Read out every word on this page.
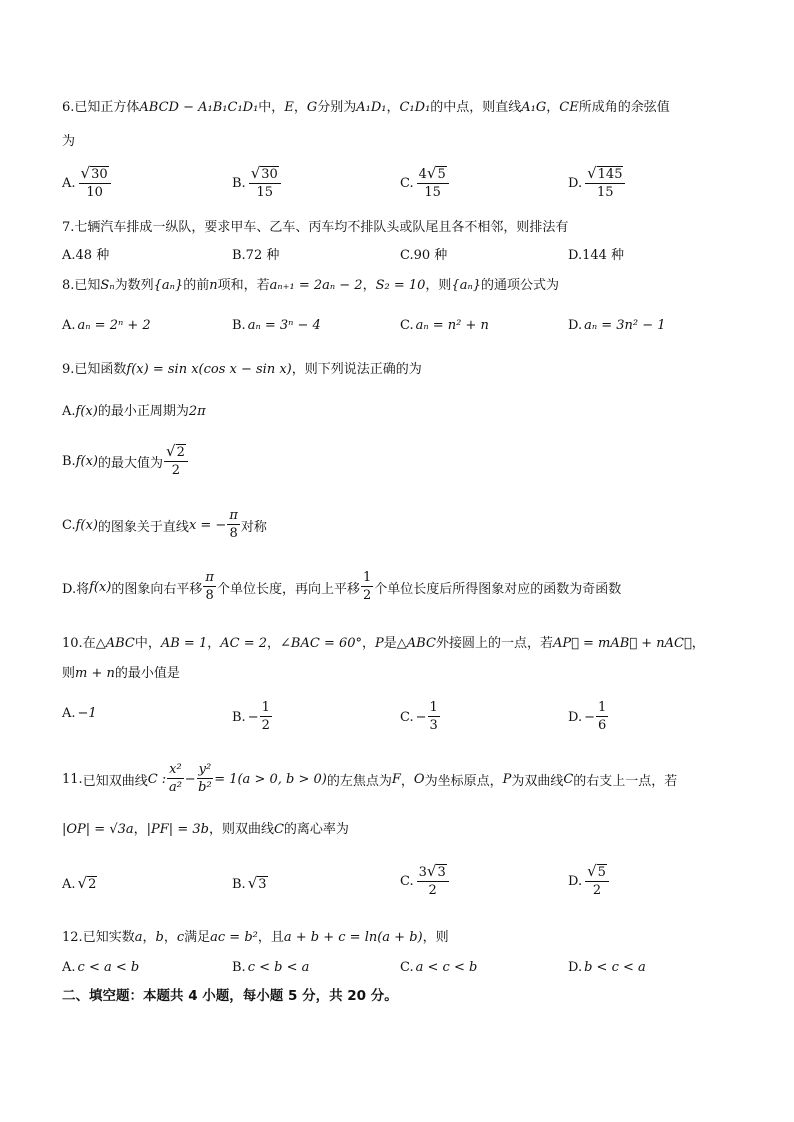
6.已知正方体ABCD − A₁B₁C₁D₁中，E，G分别为A₁D₁，C₁D₁的中点，则直线A₁G，CE所成角的余弦值
为
A. $\frac{√ 30}{10}$	B. $\frac{√ 30}{15}$	C. $\frac{4 √ 5}{15}$	D. $\frac{√ 145}{15}$
7.七辆汽车排成一纵队，要求甲车、乙车、丙车均不排队头或队尾且各不相邻，则排法有
A.48 种	B.72 种	C.90 种	D.144 种
8.已知Sₙ为数列{aₙ}的前n项和，若aₙ₊₁ = 2aₙ − 2，S₂ = 10，则{aₙ}的通项公式为
A. aₙ = 2ⁿ + 2	B. aₙ = 3ⁿ − 4	C. aₙ = n² + n	D. aₙ = 3n² − 1
9.已知函数f(x) = sin x(cos x − sin x)，则下列说法正确的为
A.f(x)的最小正周期为2π
B. f(x) 的最大值为 $\frac{√ 2}{2}$
C. f(x) 的图象关于直线 x = − $\frac{\pi}{8}$ 对称
D.将 f(x) 的图象向右平移 $\frac{\pi}{8}$ 个单位长度，再向上平移 $\frac{1}{2}$ 个单位长度后所得图象对应的函数为奇函数
10.在△ABC中，AB = 1，AC = 2，∠BAC = 60°，P是△ABC外接圆上的一点，若AP⃗ = mAB⃗ + nAC⃗，
则m + n的最小值是
A. −1	B. − $\frac{1}{2}$	C. − $\frac{1}{3}$	D. − $\frac{1}{6}$
11. 已知双曲线 C : $\frac{\text{x²}}{\text{a²}} - \frac{\text{y²}}{\text{b²}} = 1(a > 0$, b > 0) 的左焦点为 F ， O 为坐标原点， P 为双曲线 C 的右支上一点，若
|OP| = √3a，|PF| = 3b，则双曲线C的离心率为
A. √ 2	B. √ 3	C. $\frac{3 √ 3}{2}$	D. $\frac{√ 5}{2}$
12.已知实数a，b，c满足ac = b²，且a + b + c = ln(a + b)，则
A. c < a < b	B. c < b < a	C. a < c < b	D. b < c < a
二、填空题：本题共 4 小题，每小题 5 分，共 20 分。
